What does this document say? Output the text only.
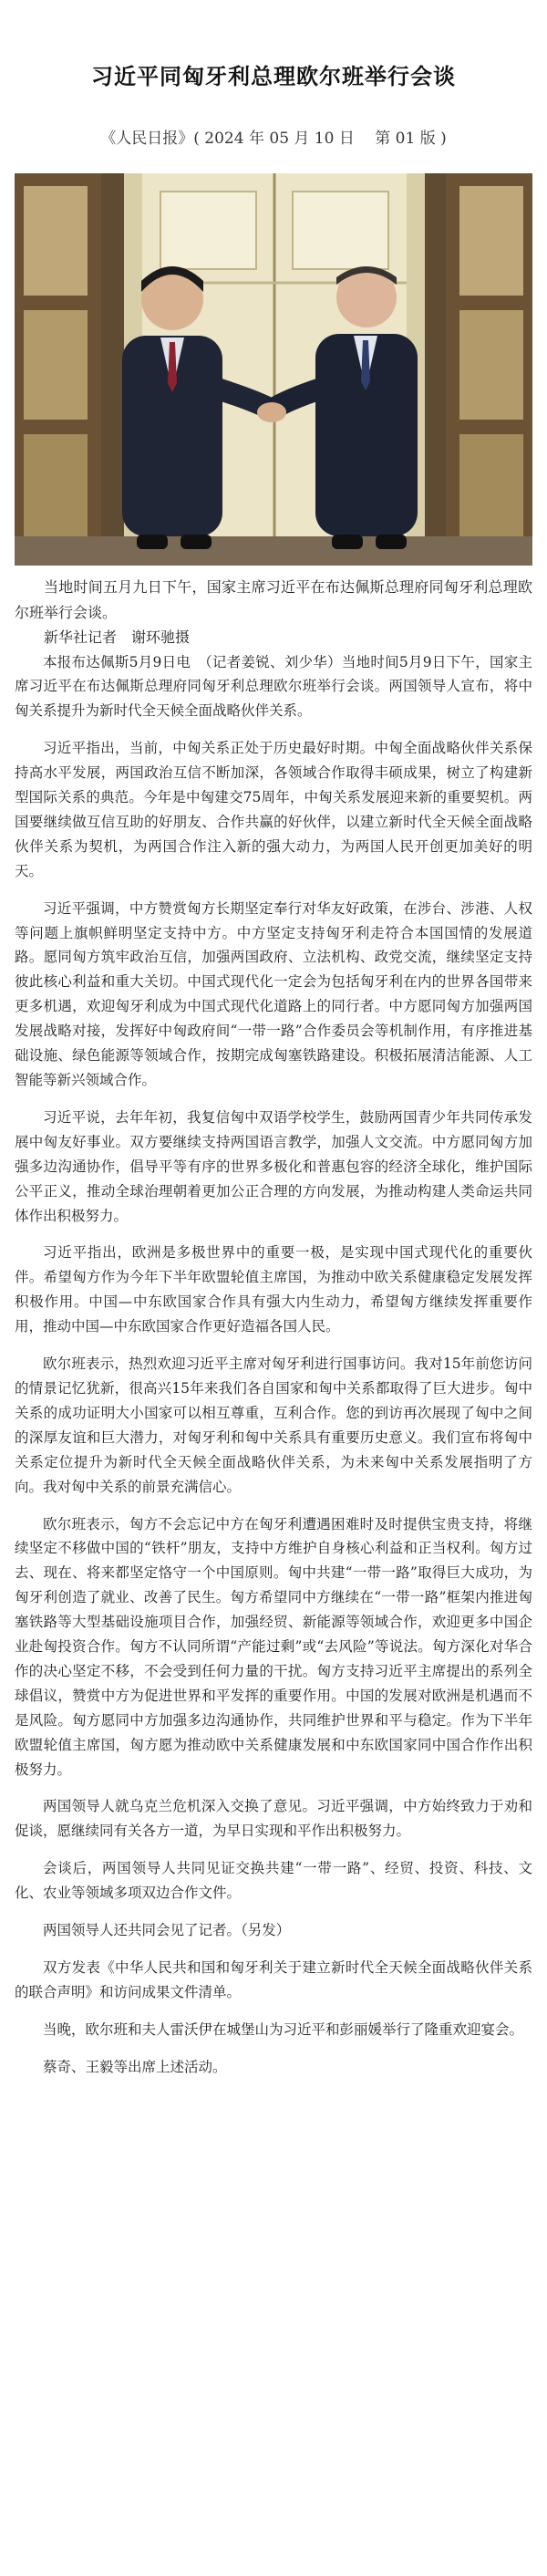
习近平同匈牙利总理欧尔班举行会谈
《人民日报》( 2024 年 05 月 10 日　 第 01 版 )
当地时间五月九日下午，国家主席习近平在布达佩斯总理府同匈牙利总理欧尔班举行会谈。
新华社记者　谢环驰摄

本报布达佩斯5月9日电　（记者姜锐、刘少华）当地时间5月9日下午，国家主席习近平在布达佩斯总理府同匈牙利总理欧尔班举行会谈。两国领导人宣布，将中匈关系提升为新时代全天候全面战略伙伴关系。

习近平指出，当前，中匈关系正处于历史最好时期。中匈全面战略伙伴关系保持高水平发展，两国政治互信不断加深，各领域合作取得丰硕成果，树立了构建新型国际关系的典范。今年是中匈建交75周年，中匈关系发展迎来新的重要契机。两国要继续做互信互助的好朋友、合作共赢的好伙伴，以建立新时代全天候全面战略伙伴关系为契机，为两国合作注入新的强大动力，为两国人民开创更加美好的明天。

习近平强调，中方赞赏匈方长期坚定奉行对华友好政策，在涉台、涉港、人权等问题上旗帜鲜明坚定支持中方。中方坚定支持匈牙利走符合本国国情的发展道路。愿同匈方筑牢政治互信，加强两国政府、立法机构、政党交流，继续坚定支持彼此核心利益和重大关切。中国式现代化一定会为包括匈牙利在内的世界各国带来更多机遇，欢迎匈牙利成为中国式现代化道路上的同行者。中方愿同匈方加强两国发展战略对接，发挥好中匈政府间“一带一路”合作委员会等机制作用，有序推进基础设施、绿色能源等领域合作，按期完成匈塞铁路建设。积极拓展清洁能源、人工智能等新兴领域合作。

习近平说，去年年初，我复信匈中双语学校学生，鼓励两国青少年共同传承发展中匈友好事业。双方要继续支持两国语言教学，加强人文交流。中方愿同匈方加强多边沟通协作，倡导平等有序的世界多极化和普惠包容的经济全球化，维护国际公平正义，推动全球治理朝着更加公正合理的方向发展，为推动构建人类命运共同体作出积极努力。

习近平指出，欧洲是多极世界中的重要一极，是实现中国式现代化的重要伙伴。希望匈方作为今年下半年欧盟轮值主席国，为推动中欧关系健康稳定发展发挥积极作用。中国—中东欧国家合作具有强大内生动力，希望匈方继续发挥重要作用，推动中国—中东欧国家合作更好造福各国人民。

欧尔班表示，热烈欢迎习近平主席对匈牙利进行国事访问。我对15年前您访问的情景记忆犹新，很高兴15年来我们各自国家和匈中关系都取得了巨大进步。匈中关系的成功证明大小国家可以相互尊重，互利合作。您的到访再次展现了匈中之间的深厚友谊和巨大潜力，对匈牙利和匈中关系具有重要历史意义。我们宣布将匈中关系定位提升为新时代全天候全面战略伙伴关系，为未来匈中关系发展指明了方向。我对匈中关系的前景充满信心。

欧尔班表示，匈方不会忘记中方在匈牙利遭遇困难时及时提供宝贵支持，将继续坚定不移做中国的“铁杆”朋友，支持中方维护自身核心利益和正当权利。匈方过去、现在、将来都坚定恪守一个中国原则。匈中共建“一带一路”取得巨大成功，为匈牙利创造了就业、改善了民生。匈方希望同中方继续在“一带一路”框架内推进匈塞铁路等大型基础设施项目合作，加强经贸、新能源等领域合作，欢迎更多中国企业赴匈投资合作。匈方不认同所谓“产能过剩”或“去风险”等说法。匈方深化对华合作的决心坚定不移，不会受到任何力量的干扰。匈方支持习近平主席提出的系列全球倡议，赞赏中方为促进世界和平发挥的重要作用。中国的发展对欧洲是机遇而不是风险。匈方愿同中方加强多边沟通协作，共同维护世界和平与稳定。作为下半年欧盟轮值主席国，匈方愿为推动欧中关系健康发展和中东欧国家同中国合作作出积极努力。

两国领导人就乌克兰危机深入交换了意见。习近平强调，中方始终致力于劝和促谈，愿继续同有关各方一道，为早日实现和平作出积极努力。

会谈后，两国领导人共同见证交换共建“一带一路”、经贸、投资、科技、文化、农业等领域多项双边合作文件。

两国领导人还共同会见了记者。（另发）

双方发表《中华人民共和国和匈牙利关于建立新时代全天候全面战略伙伴关系的联合声明》和访问成果文件清单。

当晚，欧尔班和夫人雷沃伊在城堡山为习近平和彭丽媛举行了隆重欢迎宴会。

蔡奇、王毅等出席上述活动。
